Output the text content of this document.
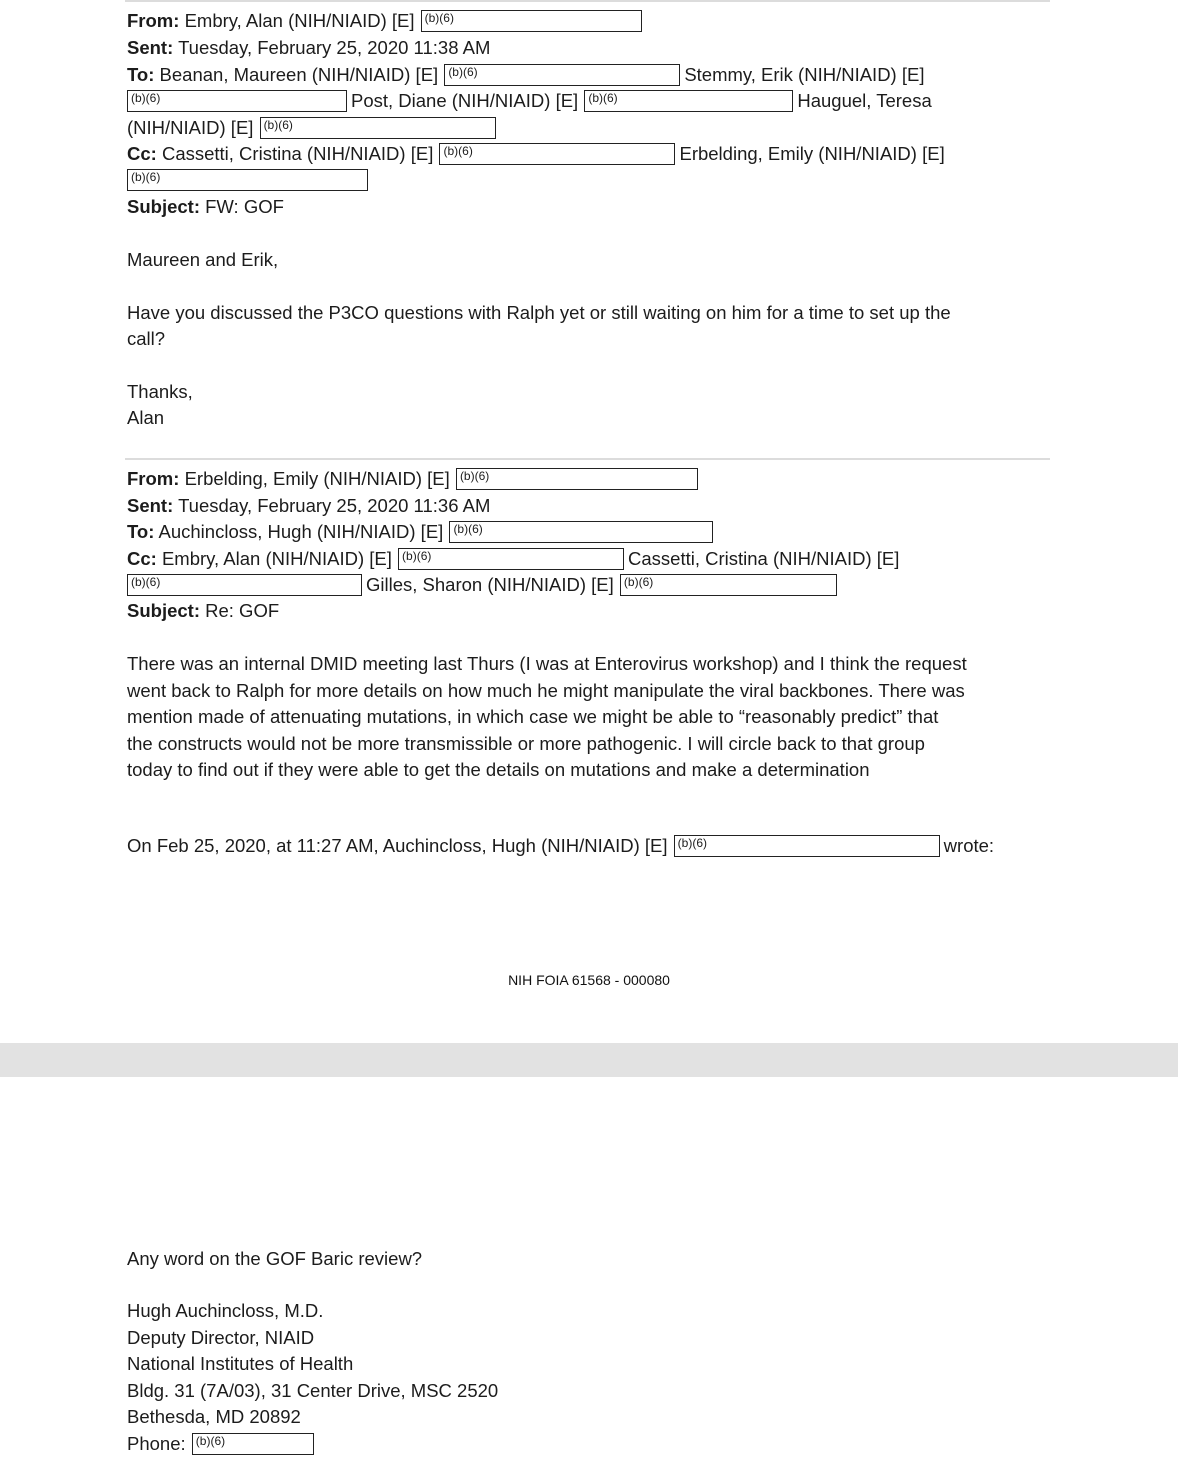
From: Embry, Alan (NIH/NIAID) [E] (b)(6)
Sent: Tuesday, February 25, 2020 11:38 AM
To: Beanan, Maureen (NIH/NIAID) [E] (b)(6)	Stemmy, Erik (NIH/NIAID) [E]
(b)(6)	Post, Diane (NIH/NIAID) [E] (b)(6)	Hauguel, Teresa
(NIH/NIAID) [E] (b)(6)
Cc: Cassetti, Cristina (NIH/NIAID) [E] (b)(6)	Erbelding, Emily (NIH/NIAID) [E]
(b)(6)
Subject: FW: GOF
Maureen and Erik,
Have you discussed the P3CO questions with Ralph yet or still waiting on him for a time to set up the
call?
Thanks,
Alan
From: Erbelding, Emily (NIH/NIAID) [E] (b)(6)
Sent: Tuesday, February 25, 2020 11:36 AM
To: Auchincloss, Hugh (NIH/NIAID) [E] (b)(6)
Cc: Embry, Alan (NIH/NIAID) [E] (b)(6)	Cassetti, Cristina (NIH/NIAID) [E]
(b)(6)	Gilles, Sharon (NIH/NIAID) [E] (b)(6)
Subject: Re: GOF
There was an internal DMID meeting last Thurs (I was at Enterovirus workshop) and I think the request
went back to Ralph for more details on how much he might manipulate the viral backbones. There was
mention made of attenuating mutations, in which case we might be able to “reasonably predict” that
the constructs would not be more transmissible or more pathogenic. I will circle back to that group
today to find out if they were able to get the details on mutations and make a determination
On Feb 25, 2020, at 11:27 AM, Auchincloss, Hugh (NIH/NIAID) [E] (b)(6)	wrote:
NIH FOIA 61568 - 000080
Any word on the GOF Baric review?
Hugh Auchincloss, M.D.
Deputy Director, NIAID
National Institutes of Health
Bldg. 31 (7A/03), 31 Center Drive, MSC 2520
Bethesda, MD 20892
Phone: (b)(6)
